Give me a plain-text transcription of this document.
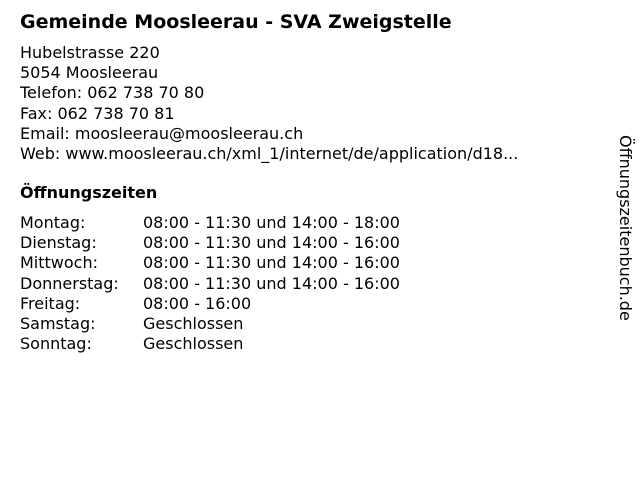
Gemeinde Moosleerau - SVA Zweigstelle
Hubelstrasse 220
5054 Moosleerau
Telefon: 062 738 70 80
Fax: 062 738 70 81
Email: moosleerau@moosleerau.ch
Web: www.moosleerau.ch/xml_1/internet/de/application/d18...
Öffnungszeiten
Montag:	08:00 - 11:30 und 14:00 - 18:00
Dienstag:	08:00 - 11:30 und 14:00 - 16:00
Mittwoch:	08:00 - 11:30 und 14:00 - 16:00
Donnerstag: 08:00 - 11:30 und 14:00 - 16:00
Freitag:	08:00 - 16:00
Samstag:	Geschlossen
Sonntag:	Geschlossen
Öffnungszeitenbuch.de
